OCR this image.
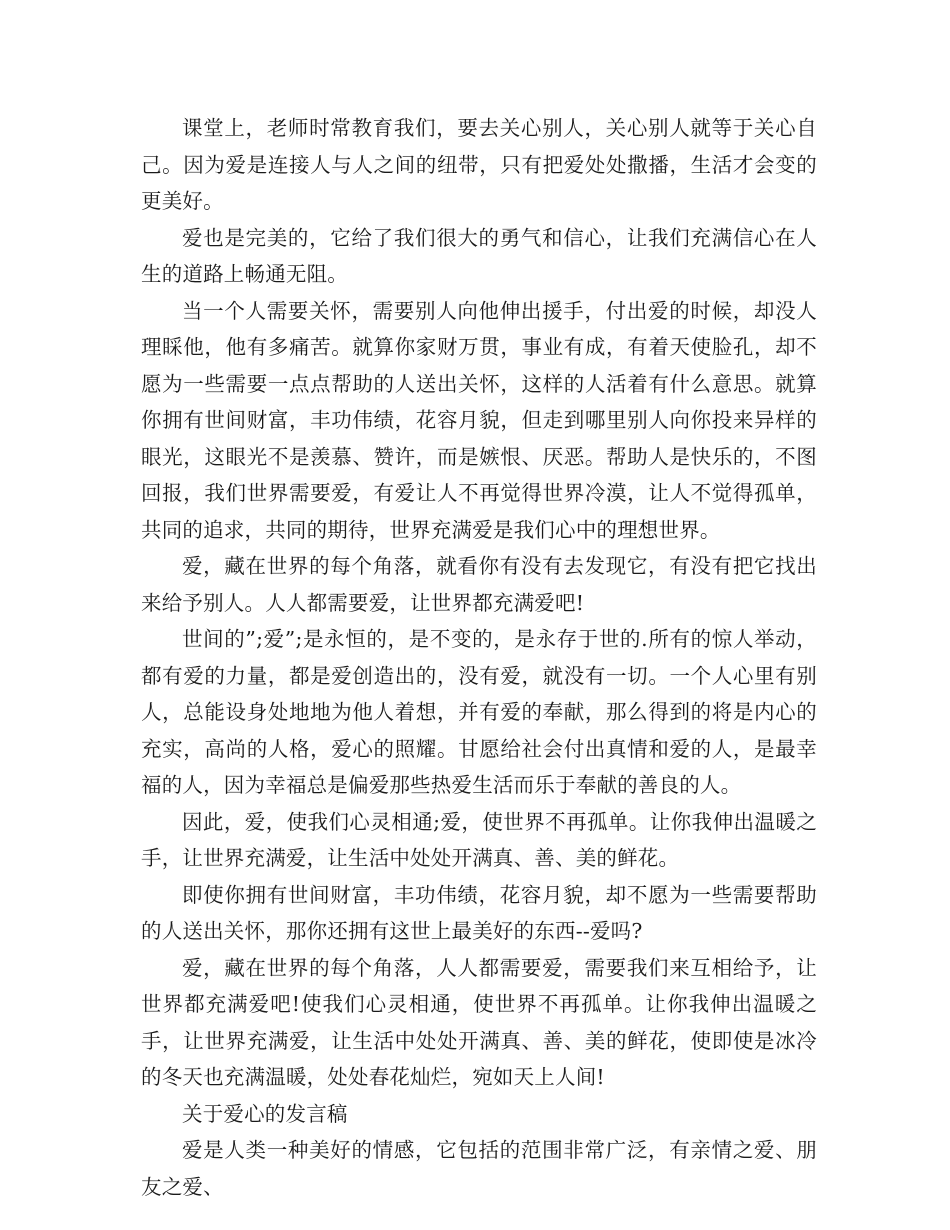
课堂上，老师时常教育我们，要去关心别人，关心别人就等于关心自己。因为爱是连接人与人之间的纽带，只有把爱处处撒播，生活才会变的更美好。

爱也是完美的，它给了我们很大的勇气和信心，让我们充满信心在人生的道路上畅通无阻。

当一个人需要关怀，需要别人向他伸出援手，付出爱的时候，却没人理睬他，他有多痛苦。就算你家财万贯，事业有成，有着天使脸孔，却不愿为一些需要一点点帮助的人送出关怀，这样的人活着有什么意思。就算你拥有世间财富，丰功伟绩，花容月貌，但走到哪里别人向你投来异样的眼光，这眼光不是羡慕、赞许，而是嫉恨、厌恶。帮助人是快乐的，不图回报，我们世界需要爱，有爱让人不再觉得世界冷漠，让人不觉得孤单，共同的追求，共同的期待，世界充满爱是我们心中的理想世界。

爱，藏在世界的每个角落，就看你有没有去发现它，有没有把它找出来给予别人。人人都需要爱，让世界都充满爱吧!

世间的”;爱”;是永恒的，是不变的，是永存于世的.所有的惊人举动，都有爱的力量，都是爱创造出的，没有爱，就没有一切。一个人心里有别人，总能设身处地地为他人着想，并有爱的奉献，那么得到的将是内心的充实，高尚的人格，爱心的照耀。甘愿给社会付出真情和爱的人，是最幸福的人，因为幸福总是偏爱那些热爱生活而乐于奉献的善良的人。

因此，爱，使我们心灵相通;爱，使世界不再孤单。让你我伸出温暖之手，让世界充满爱，让生活中处处开满真、善、美的鲜花。

即使你拥有世间财富，丰功伟绩，花容月貌，却不愿为一些需要帮助的人送出关怀，那你还拥有这世上最美好的东西--爱吗?

爱，藏在世界的每个角落，人人都需要爱，需要我们来互相给予，让世界都充满爱吧!使我们心灵相通，使世界不再孤单。让你我伸出温暖之手，让世界充满爱，让生活中处处开满真、善、美的鲜花，使即使是冰冷的冬天也充满温暖，处处春花灿烂，宛如天上人间!

关于爱心的发言稿

爱是人类一种美好的情感，它包括的范围非常广泛，有亲情之爱、朋友之爱、
